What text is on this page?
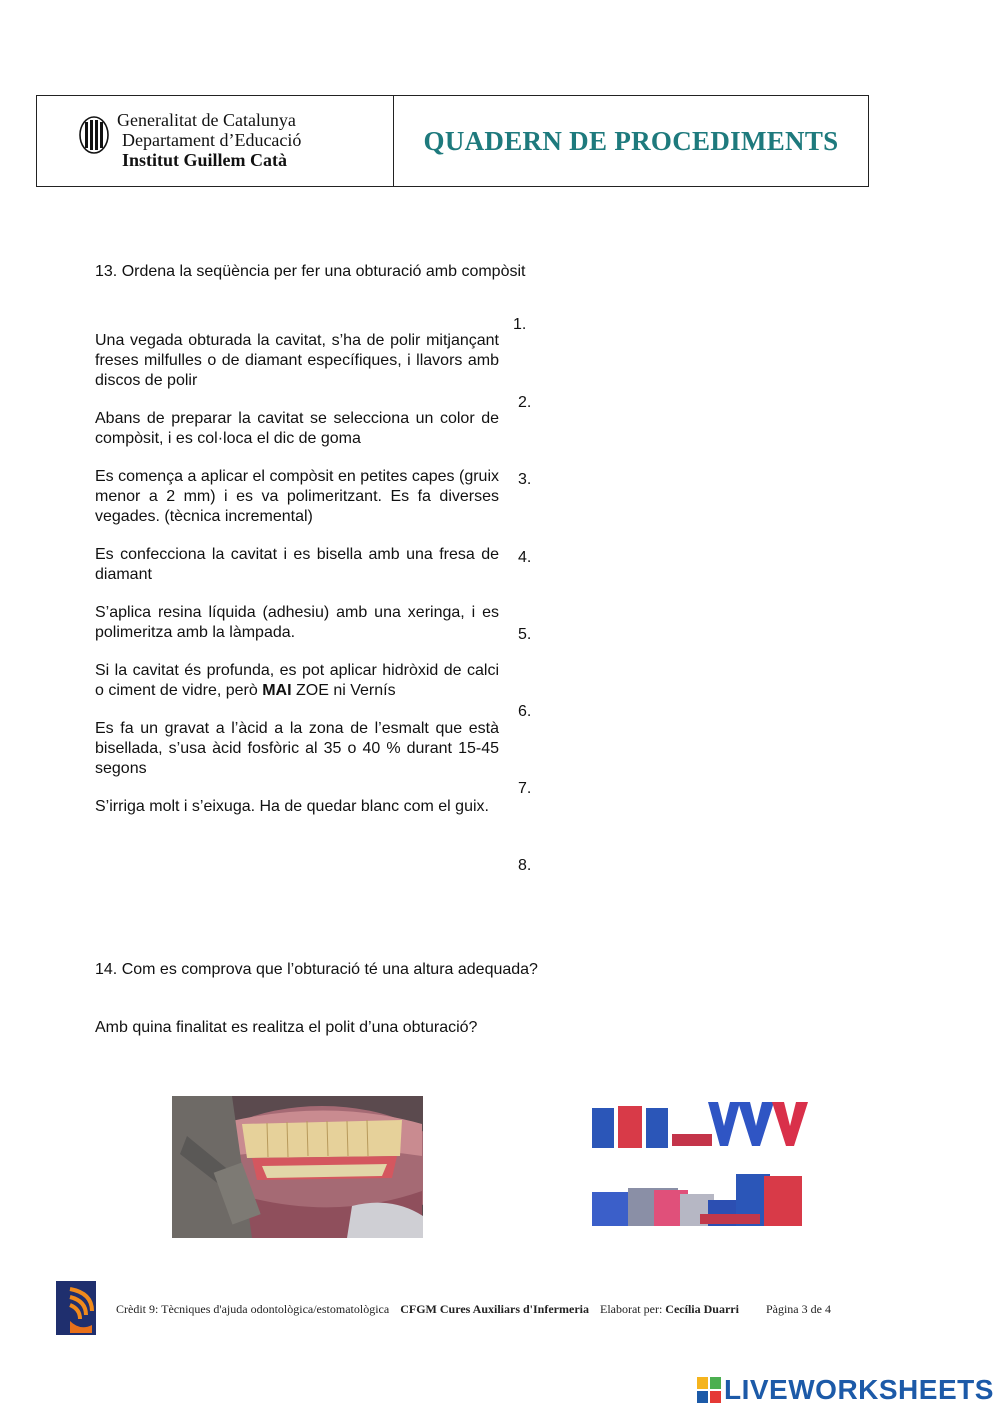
Generalitat de Catalunya
Departament d’Educació
Institut Guillem Catà
QUADERN DE PROCEDIMENTS
13. Ordena la seqüència per fer una obturació amb compòsit

Una vegada obturada la cavitat, s’ha de polir mitjançant freses milfulles o de diamant específiques, i llavors amb discos de polir

Abans de preparar la cavitat se selecciona un color de compòsit, i es col·loca el dic de goma

Es comença a aplicar el compòsit en petites capes (gruix menor a 2 mm) i es va polimeritzant. Es fa diverses vegades. (tècnica incremental)

Es confecciona la cavitat i es bisella amb una fresa de diamant

S’aplica resina líquida (adhesiu) amb una xeringa, i es polimeritza amb la làmpada.

Si la cavitat és profunda, es pot aplicar hidròxid de calci o ciment de vidre, però MAI ZOE ni Vernís

Es fa un gravat a l’àcid a la zona de l’esmalt que està bisellada, s’usa àcid fosfòric al 35 o 40 % durant 15-45 segons

S’irriga molt i s’eixuga. Ha de quedar blanc com el guix.

1.
2.
3.
4.
5.
6.
7.
8.
14. Com es comprova que l’obturació té una altura adequada?
Amb quina finalitat es realitza el polit d’una obturació?
Crèdit 9: Tècniques d'ajuda odontològica/estomatològica CFGM Cures Auxiliars d'Infermeria Elaborat per: Cecília Duarri Pàgina 3 de 4
LIVEWORKSHEETS
